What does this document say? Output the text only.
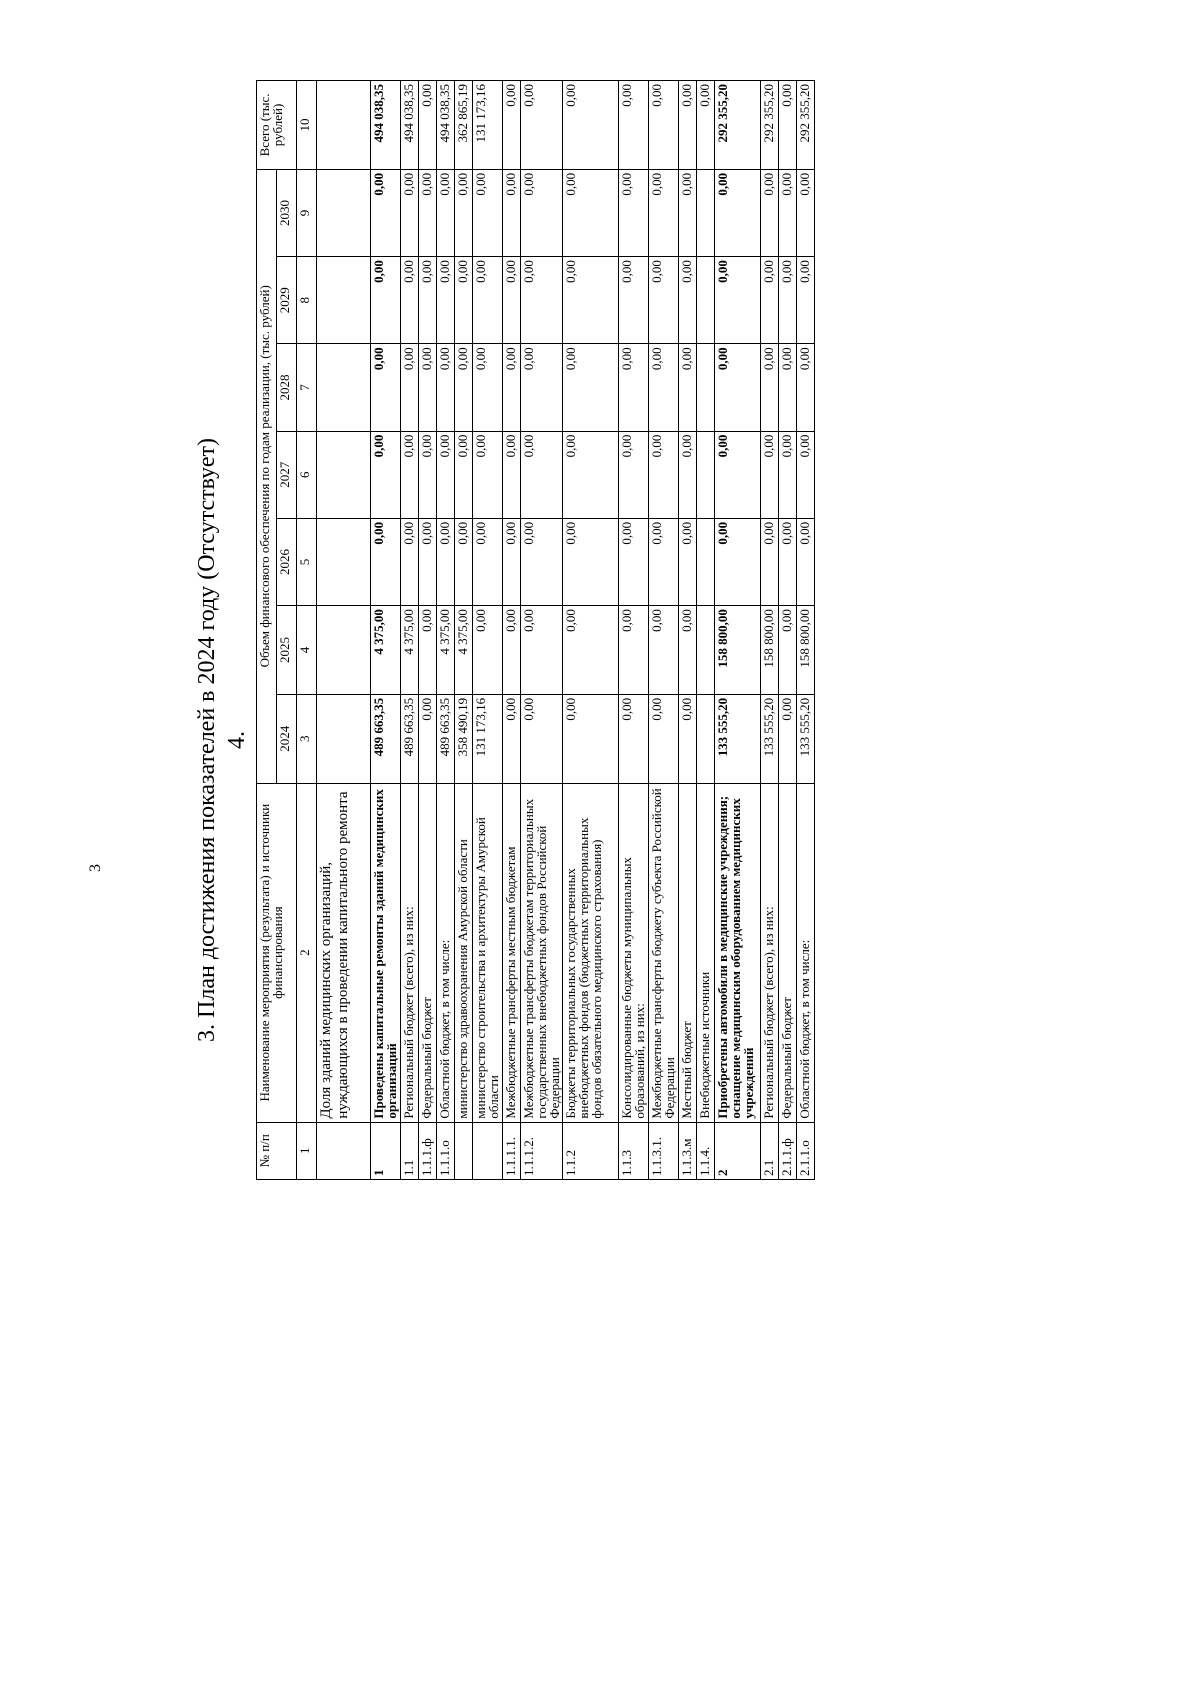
3	3. План достижения показателей в 2024 году (Отсутствует) 4.
№ п/п	Наименование мероприятия (результата) и источники финансирования	Объем финансового обеспечения по годам реализации, (тыс. рублей)							Всего (тыс. рублей)
		2024	2025	2026	2027	2028	2029	2030	
1	2	3	4	5	6	7	8	9	10
	Доля зданий медицинских организаций, нуждающихся в проведении капитального ремонта								
1	Проведены капитальные ремонты зданий медицинских организаций	489 663,35	4 375,00	0,00	0,00	0,00	0,00	0,00	494 038,35
1.1	Региональный бюджет (всего), из них:	489 663,35	4 375,00	0,00	0,00	0,00	0,00	0,00	494 038,35
1.1.1.ф	Федеральный бюджет	0,00	0,00	0,00	0,00	0,00	0,00	0,00	0,00
1.1.1.о	Областной бюджет, в том числе:	489 663,35	4 375,00	0,00	0,00	0,00	0,00	0,00	494 038,35
	министерство здравоохранения Амурской области	358 490,19	4 375,00	0,00	0,00	0,00	0,00	0,00	362 865,19
	министерство строительства и архитектуры Амурской области	131 173,16	0,00	0,00	0,00	0,00	0,00	0,00	131 173,16
1.1.1.1.	Межбюджетные трансферты местным бюджетам	0,00	0,00	0,00	0,00	0,00	0,00	0,00	0,00
1.1.1.2.	Межбюджетные трансферты бюджетам территориальных государственных внебюджетных фондов Российской Федерации	0,00	0,00	0,00	0,00	0,00	0,00	0,00	0,00
1.1.2	Бюджеты территориальных государственных внебюджетных фондов (бюджетных территориальных фондов обязательного медицинского страхования)	0,00	0,00	0,00	0,00	0,00	0,00	0,00	0,00
1.1.3	Консолидированные бюджеты муниципальных образований, из них:	0,00	0,00	0,00	0,00	0,00	0,00	0,00	0,00
1.1.3.1.	Межбюджетные трансферты бюджету субъекта Российской Федерации	0,00	0,00	0,00	0,00	0,00	0,00	0,00	0,00
1.1.3.м	Местный бюджет	0,00	0,00	0,00	0,00	0,00	0,00	0,00	0,00
1.1.4.	Внебюджетные источники								0,00
2	Приобретены автомобили в медицинские учреждения; оснащение медицинским оборудованием медицинских учреждений	133 555,20	158 800,00	0,00	0,00	0,00	0,00	0,00	292 355,20
2.1	Региональный бюджет (всего), из них:	133 555,20	158 800,00	0,00	0,00	0,00	0,00	0,00	292 355,20
2.1.1.ф	Федеральный бюджет	0,00	0,00	0,00	0,00	0,00	0,00	0,00	0,00
2.1.1.о	Областной бюджет, в том числе:	133 555,20	158 800,00	0,00	0,00	0,00	0,00	0,00	292 355,20
